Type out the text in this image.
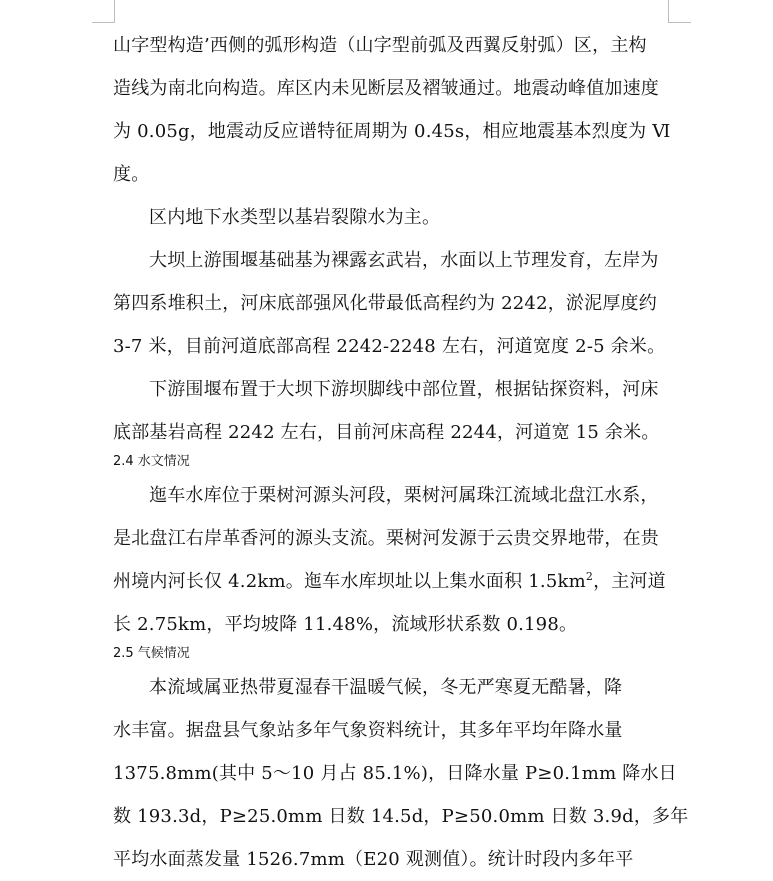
山字型构造’西侧的弧形构造（山字型前弧及西翼反射弧）区，主构
造线为南北向构造。库区内未见断层及褶皱通过。地震动峰值加速度
为 0.05g，地震动反应谱特征周期为 0.45s，相应地震基本烈度为 Ⅵ
度。
区内地下水类型以基岩裂隙水为主。
大坝上游围堰基础基为裸露玄武岩，水面以上节理发育，左岸为
第四系堆积土，河床底部强风化带最低高程约为 2242，淤泥厚度约
3-7 米，目前河道底部高程 2242-2248 左右，河道宽度 2-5 余米。
下游围堰布置于大坝下游坝脚线中部位置，根据钻探资料，河床
底部基岩高程 2242 左右，目前河床高程 2244，河道宽 15 余米。
2.4 水文情况
迤车水库位于栗树河源头河段，栗树河属珠江流域北盘江水系，
是北盘江右岸革香河的源头支流。栗树河发源于云贵交界地带，在贵
州境内河长仅 4.2km。迤车水库坝址以上集水面积 $1.5km^2$，主河道
长 2.75km，平均坡降 11.48%，流域形状系数 0.198。
2.5 气候情况
本流域属亚热带夏湿春干温暖气候，冬无严寒夏无酷暑，降
水丰富。据盘县气象站多年气象资料统计，其多年平均年降水量
1375.8mm(其中 5～10 月占 85.1%)，日降水量 P≥0.1mm 降水日
数 193.3d，P≥25.0mm 日数 14.5d，P≥50.0mm 日数 3.9d，多年
平均水面蒸发量 1526.7mm（E20 观测值）。统计时段内多年平
